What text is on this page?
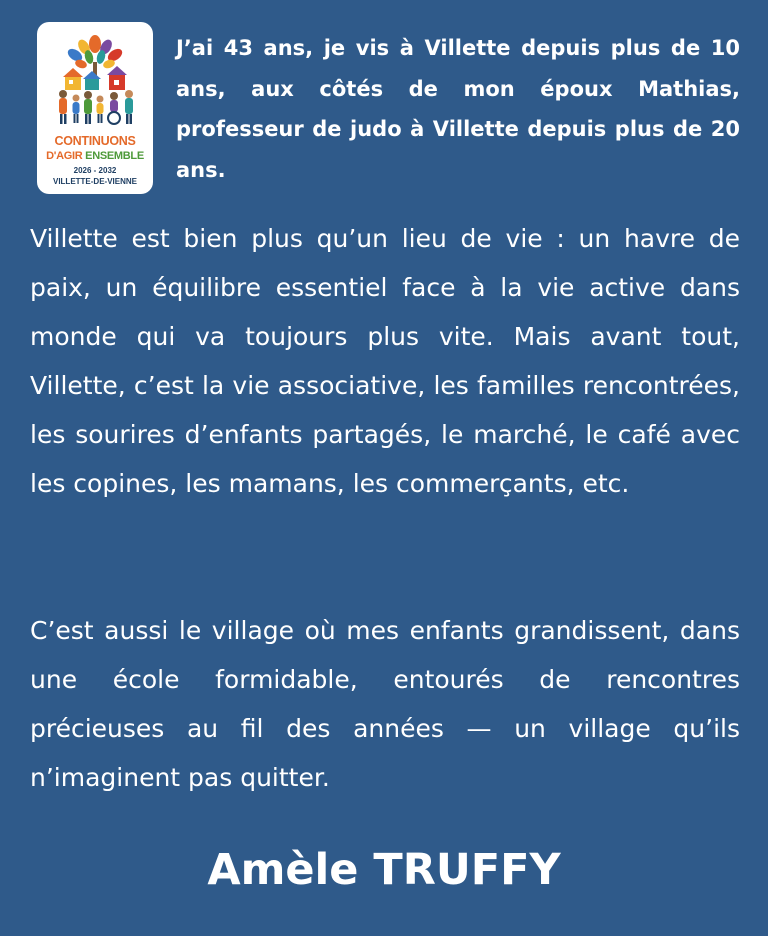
CONTINUONS
D'AGIR ENSEMBLE
2026 - 2032
VILLETTE-DE-VIENNE

J’ai 43 ans, je vis à Villette depuis plus de 10 ans, aux côtés de mon époux Mathias, professeur de judo à Villette depuis plus de 20 ans.

Villette est bien plus qu’un lieu de vie : un havre de paix, un équilibre essentiel face à la vie active dans monde qui va toujours plus vite. Mais avant tout, Villette, c’est la vie associative, les familles rencontrées, les sourires d’enfants partagés, le marché, le café avec les copines, les mamans, les commerçants, etc.

C’est aussi le village où mes enfants grandissent, dans une école formidable, entourés de rencontres précieuses au fil des années — un village qu’ils n’imaginent pas quitter.

Amèle TRUFFY
